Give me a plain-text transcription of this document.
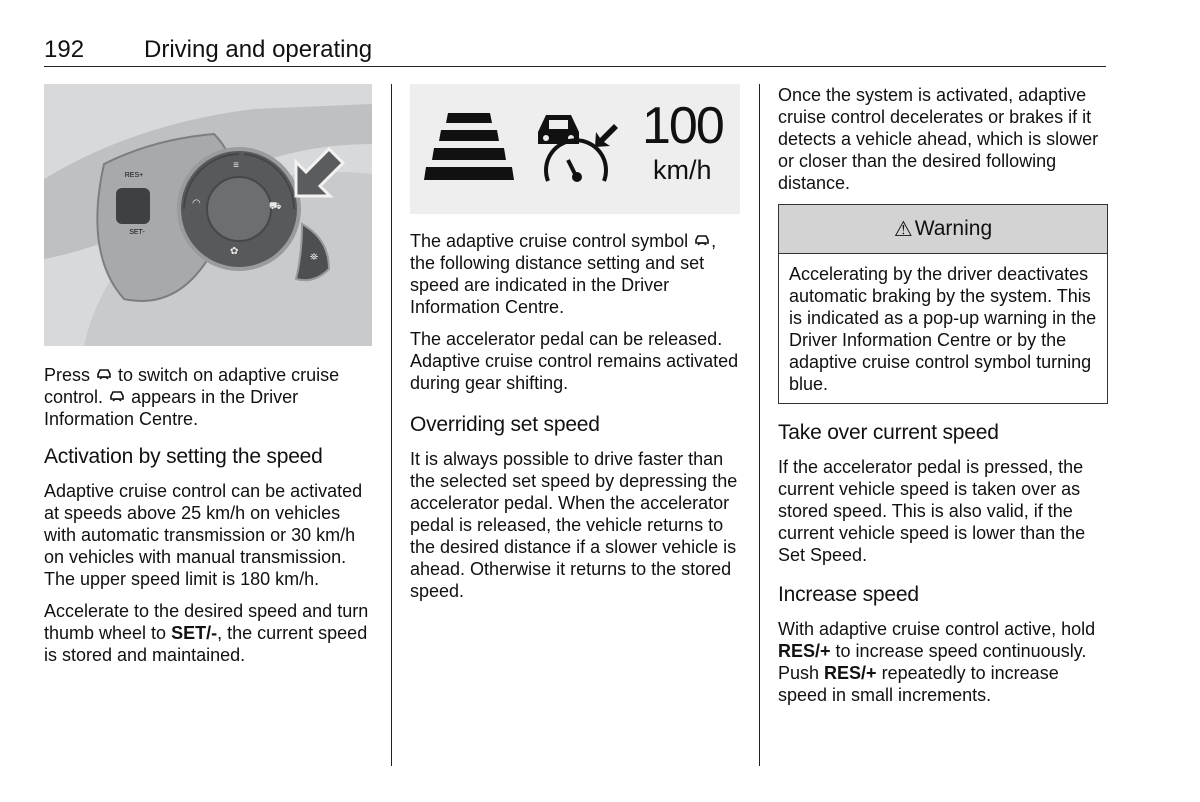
192 Driving and operating
RES+
SET-
≡
◠
✿
⛟
⛯

Press to switch on adaptive cruise control. appears in the Driver Information Centre.

Activation by setting the speed

Adaptive cruise control can be activated at speeds above 25 km/h on vehicles with automatic transmission or 30 km/h on vehicles with manual transmission. The upper speed limit is 180 km/h.

Accelerate to the desired speed and turn thumb wheel to SET/-, the current speed is stored and maintained.

100
km/h

The adaptive cruise control symbol , the following distance setting and set speed are indicated in the Driver Information Centre.

The accelerator pedal can be released. Adaptive cruise control remains activated during gear shifting.

Overriding set speed

It is always possible to drive faster than the selected set speed by depressing the accelerator pedal. When the accelerator pedal is released, the vehicle returns to the desired distance if a slower vehicle is ahead. Otherwise it returns to the stored speed.

Once the system is activated, adaptive cruise control decelerates or brakes if it detects a vehicle ahead, which is slower or closer than the desired following distance.

⚠ Warning

Accelerating by the driver deactivates automatic braking by the system. This is indicated as a pop-up warning in the Driver Information Centre or by the adaptive cruise control symbol turning blue.

Take over current speed

If the accelerator pedal is pressed, the current vehicle speed is taken over as stored speed. This is also valid, if the current vehicle speed is lower than the Set Speed.

Increase speed

With adaptive cruise control active, hold RES/+ to increase speed continuously. Push RES/+ repeatedly to increase speed in small increments.
